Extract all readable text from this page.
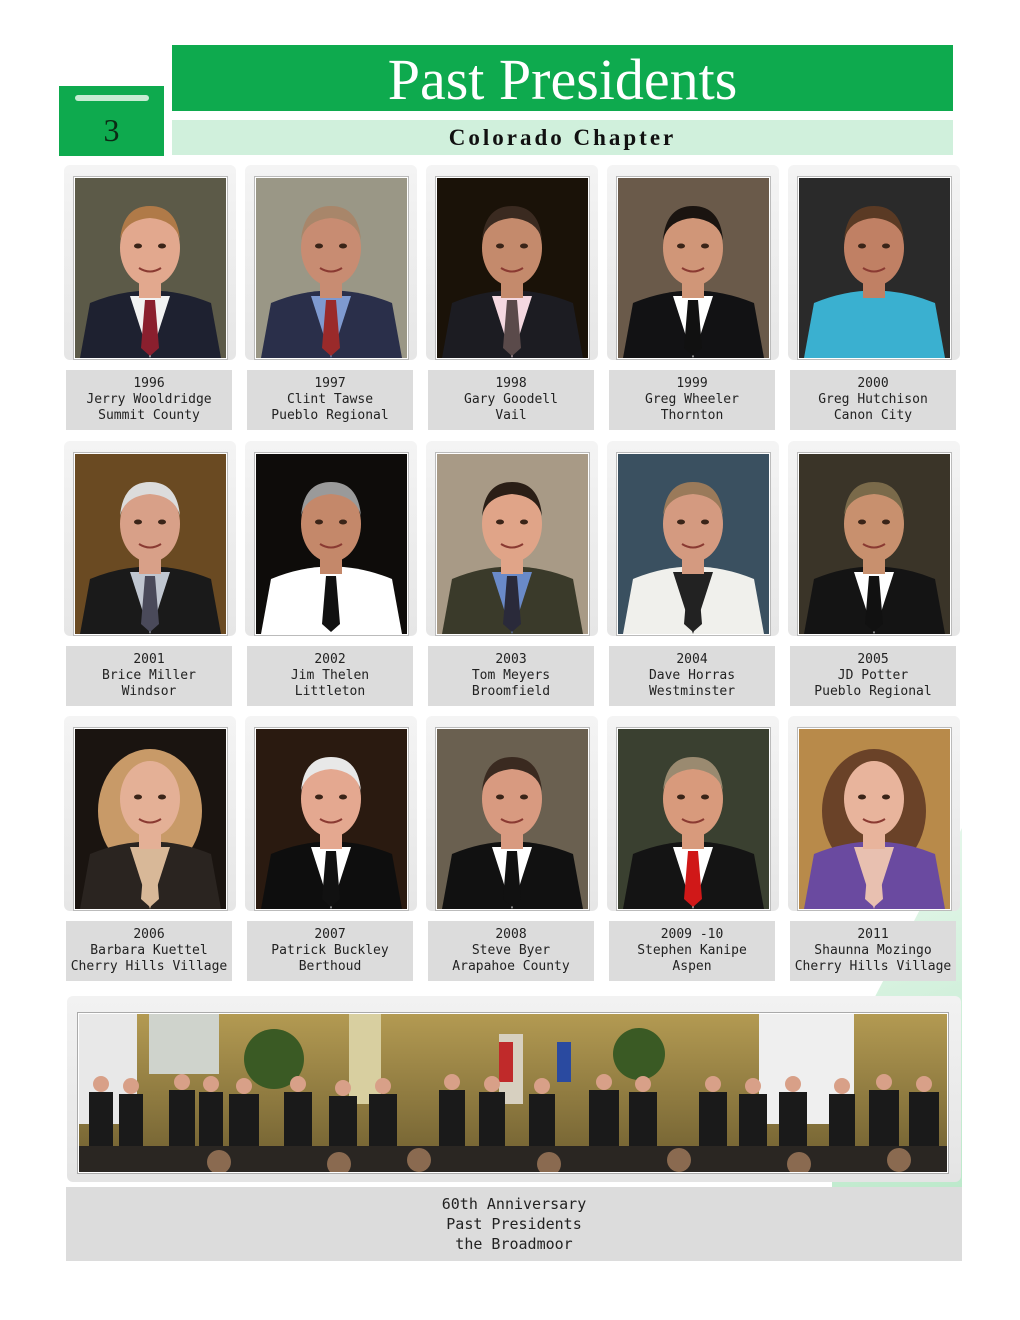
3
Past Presidents
Colorado Chapter
1996
Jerry Wooldridge
Summit County
1997
Clint Tawse
Pueblo Regional
1998
Gary Goodell
Vail
1999
Greg Wheeler
Thornton
2000
Greg Hutchison
Canon City
2001
Brice Miller
Windsor
2002
Jim Thelen
Littleton
2003
Tom Meyers
Broomfield
2004
Dave Horras
Westminster
2005
JD Potter
Pueblo Regional
2006
Barbara Kuettel
Cherry Hills Village
2007
Patrick Buckley
Berthoud
2008
Steve Byer
Arapahoe County
2009 -10
Stephen Kanipe
Aspen
2011
Shaunna Mozingo
Cherry Hills Village
60th Anniversary
Past Presidents
the Broadmoor
